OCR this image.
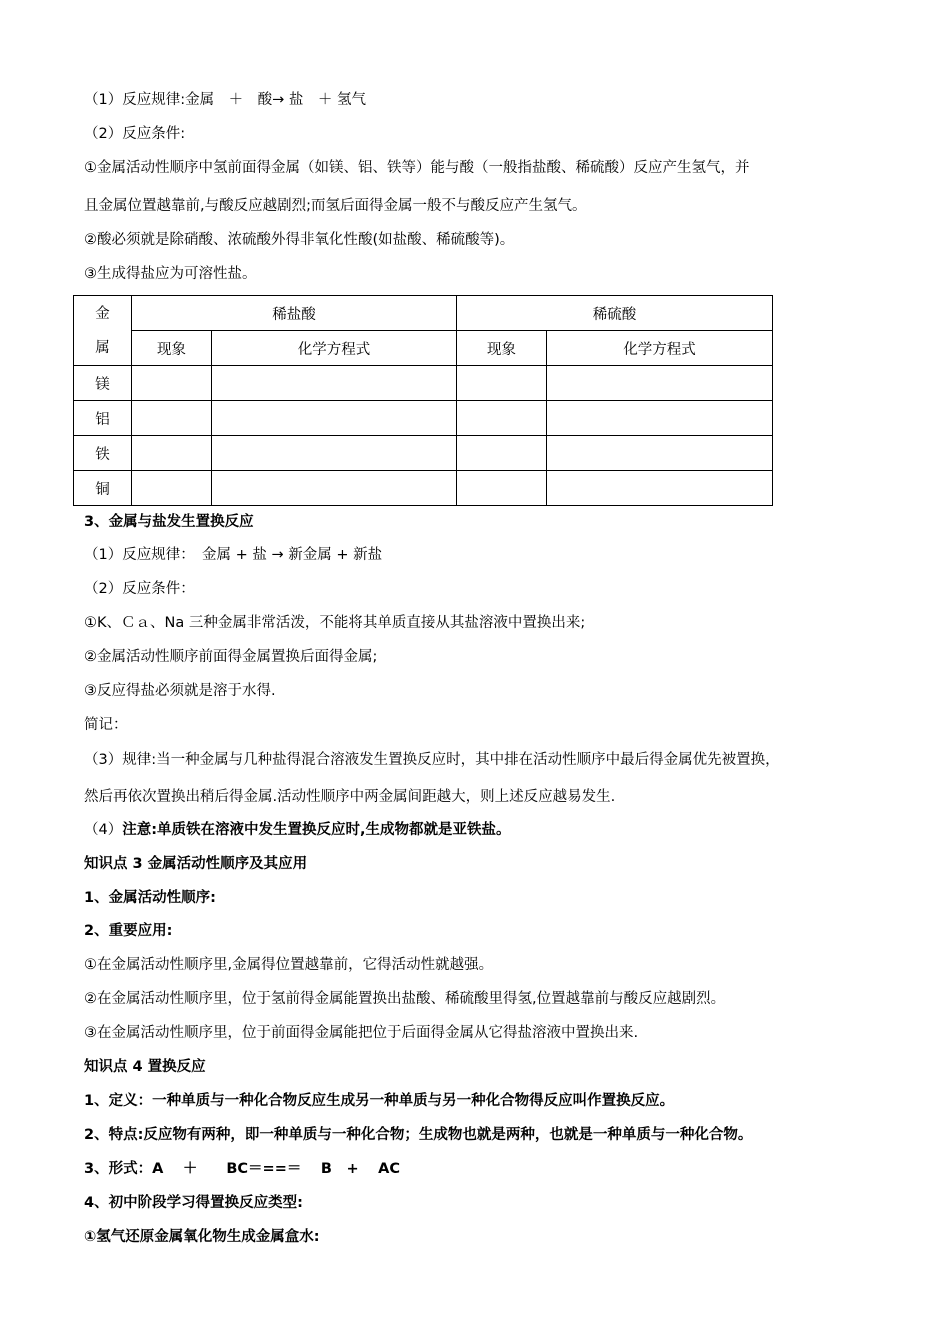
（1）反应规律:金属　＋　酸→ 盐　＋ 氢气
（2）反应条件:
①金属活动性顺序中氢前面得金属（如镁、铝、铁等）能与酸（一般指盐酸、稀硫酸）反应产生氢气，并
且金属位置越靠前,与酸反应越剧烈;而氢后面得金属一般不与酸反应产生氢气。
②酸必须就是除硝酸、浓硫酸外得非氧化性酸(如盐酸、稀硫酸等)。
③生成得盐应为可溶性盐。
金
属	稀盐酸		稀硫酸	
	现象	化学方程式	现象	化学方程式
镁				
铝				
铁				
铜				
3、金属与盐发生置换反应
（1）反应规律：　金属 + 盐 → 新金属 + 新盐
（2）反应条件：
①K、Ｃａ、Na 三种金属非常活泼，不能将其单质直接从其盐溶液中置换出来;
②金属活动性顺序前面得金属置换后面得金属;
③反应得盐必须就是溶于水得.
简记：
（3）规律:当一种金属与几种盐得混合溶液发生置换反应时，其中排在活动性顺序中最后得金属优先被置换，
然后再依次置换出稍后得金属.活动性顺序中两金属间距越大，则上述反应越易发生.
（4）注意:单质铁在溶液中发生置换反应时,生成物都就是亚铁盐。
知识点 3 金属活动性顺序及其应用
1、金属活动性顺序:
2、重要应用:
①在金属活动性顺序里,金属得位置越靠前，它得活动性就越强。
②在金属活动性顺序里，位于氢前得金属能置换出盐酸、稀硫酸里得氢,位置越靠前与酸反应越剧烈。
③在金属活动性顺序里，位于前面得金属能把位于后面得金属从它得盐溶液中置换出来.
知识点 4 置换反应
1、定义：一种单质与一种化合物反应生成另一种单质与另一种化合物得反应叫作置换反应。
2、特点:反应物有两种，即一种单质与一种化合物；生成物也就是两种，也就是一种单质与一种化合物。
3、形式：A　 ＋　　BC＝==＝　 B　+　 AC
4、初中阶段学习得置换反应类型:
①氢气还原金属氧化物生成金属盒水:
